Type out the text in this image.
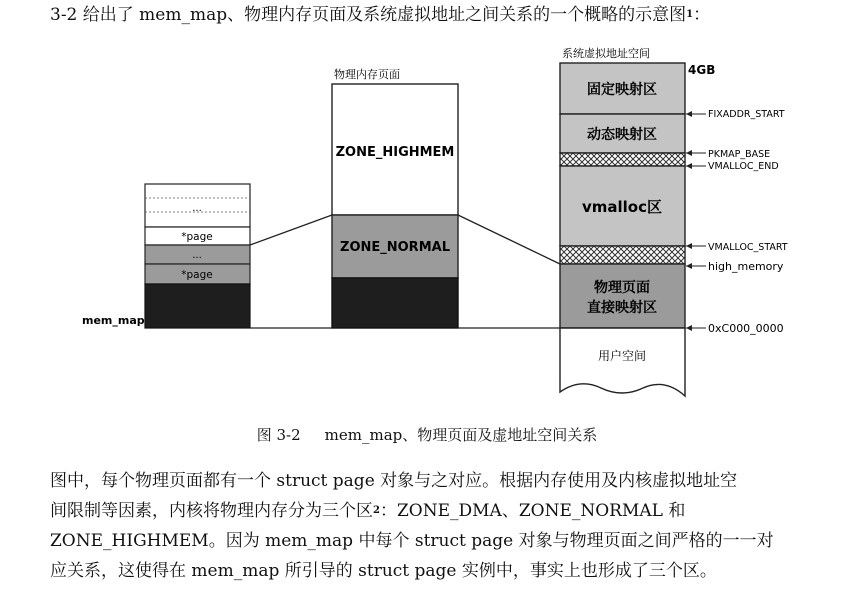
3-2 给出了 mem_map、物理内存页面及系统虚拟地址之间关系的一个概略的示意图$^1$：
...
*page
...
*page
mem_map
物理内存页面
ZONE_HIGHMEM
ZONE_NORMAL
系统虚拟地址空间
4GB
固定映射区
动态映射区
vmalloc区
物理页面
直接映射区
用户空间
FIXADDR_START
PKMAP_BASE
VMALLOC_END
VMALLOC_START
high_memory
0xC000_0000
图 3-2 mem_map、物理页面及虚地址空间关系

图中，每个物理页面都有一个 struct page 对象与之对应。根据内存使用及内核虚拟地址空

间限制等因素，内核将物理内存分为三个区$^2$：ZONE_DMA、ZONE_NORMAL 和

ZONE_HIGHMEM。因为 mem_map 中每个 struct page 对象与物理页面之间严格的一一对

应关系，这使得在 mem_map 所引导的 struct page 实例中，事实上也形成了三个区。
